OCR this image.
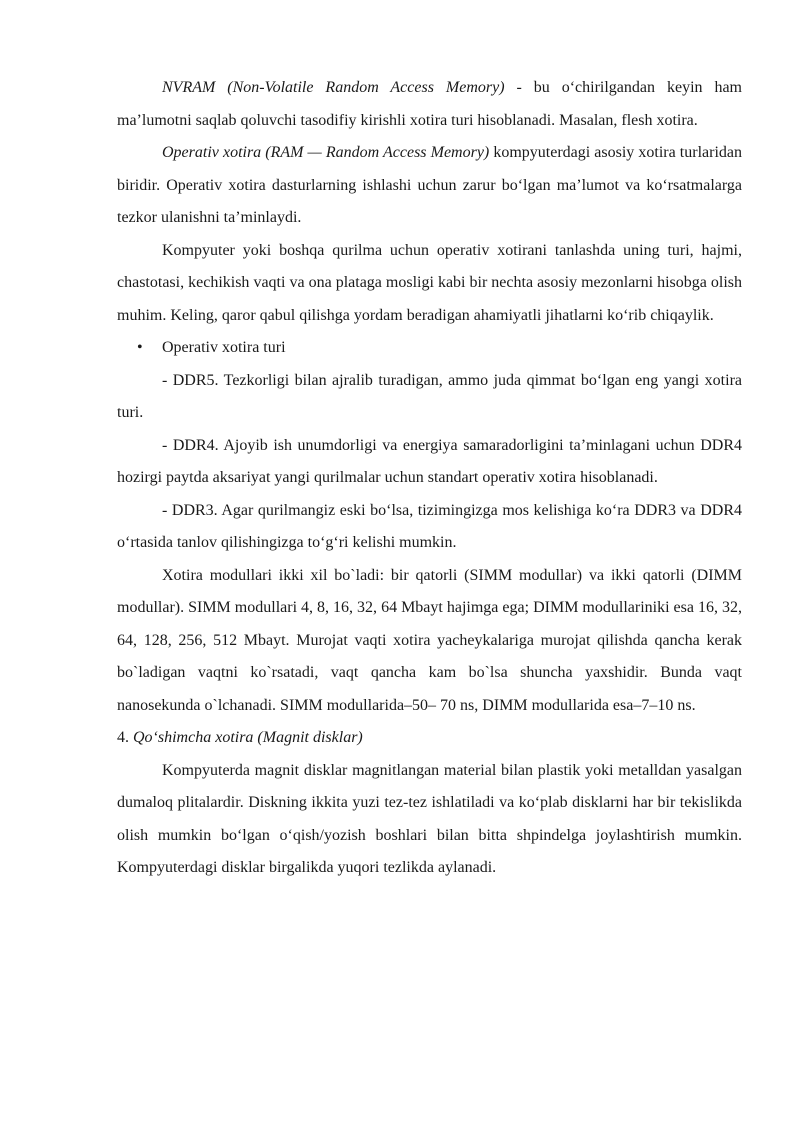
NVRAM (Non-Volatile Random Access Memory) - bu o‘chirilgandan keyin ham ma’lumotni saqlab qoluvchi tasodifiy kirishli xotira turi hisoblanadi. Masalan, flesh xotira.

Operativ xotira (RAM — Random Access Memory) kompyuterdagi asosiy xotira turlaridan biridir. Operativ xotira dasturlarning ishlashi uchun zarur bo‘lgan ma’lumot va ko‘rsatmalarga tezkor ulanishni ta’minlaydi.

Kompyuter yoki boshqa qurilma uchun operativ xotirani tanlashda uning turi, hajmi, chastotasi, kechikish vaqti va ona plataga mosligi kabi bir nechta asosiy mezonlarni hisobga olish muhim. Keling, qaror qabul qilishga yordam beradigan ahamiyatli jihatlarni ko‘rib chiqaylik.

• Operativ xotira turi

- DDR5. Tezkorligi bilan ajralib turadigan, ammo juda qimmat bo‘lgan eng yangi xotira turi.

- DDR4. Ajoyib ish unumdorligi va energiya samaradorligini ta’minlagani uchun DDR4 hozirgi paytda aksariyat yangi qurilmalar uchun standart operativ xotira hisoblanadi.

- DDR3. Agar qurilmangiz eski bo‘lsa, tizimingizga mos kelishiga ko‘ra DDR3 va DDR4 o‘rtasida tanlov qilishingizga to‘g‘ri kelishi mumkin.

Xotira modullari ikki xil bo`ladi: bir qatorli (SIMM modullar) va ikki qatorli (DIMM modullar). SIMM modullari 4, 8, 16, 32, 64 Mbayt hajimga ega; DIMM modullariniki esa 16, 32, 64, 128, 256, 512 Mbayt. Murojat vaqti xotira yacheykalariga murojat qilishda qancha kerak bo`ladigan vaqtni ko`rsatadi, vaqt qancha kam bo`lsa shuncha yaxshidir. Bunda vaqt nanosekunda o`lchanadi. SIMM modullarida–50– 70 ns, DIMM modullarida esa–7–10 ns.

4. Qo‘shimcha xotira (Magnit disklar)

Kompyuterda magnit disklar magnitlangan material bilan plastik yoki metalldan yasalgan dumaloq plitalardir. Diskning ikkita yuzi tez-tez ishlatiladi va ko‘plab disklarni har bir tekislikda olish mumkin bo‘lgan o‘qish/yozish boshlari bilan bitta shpindelga joylashtirish mumkin. Kompyuterdagi disklar birgalikda yuqori tezlikda aylanadi.
